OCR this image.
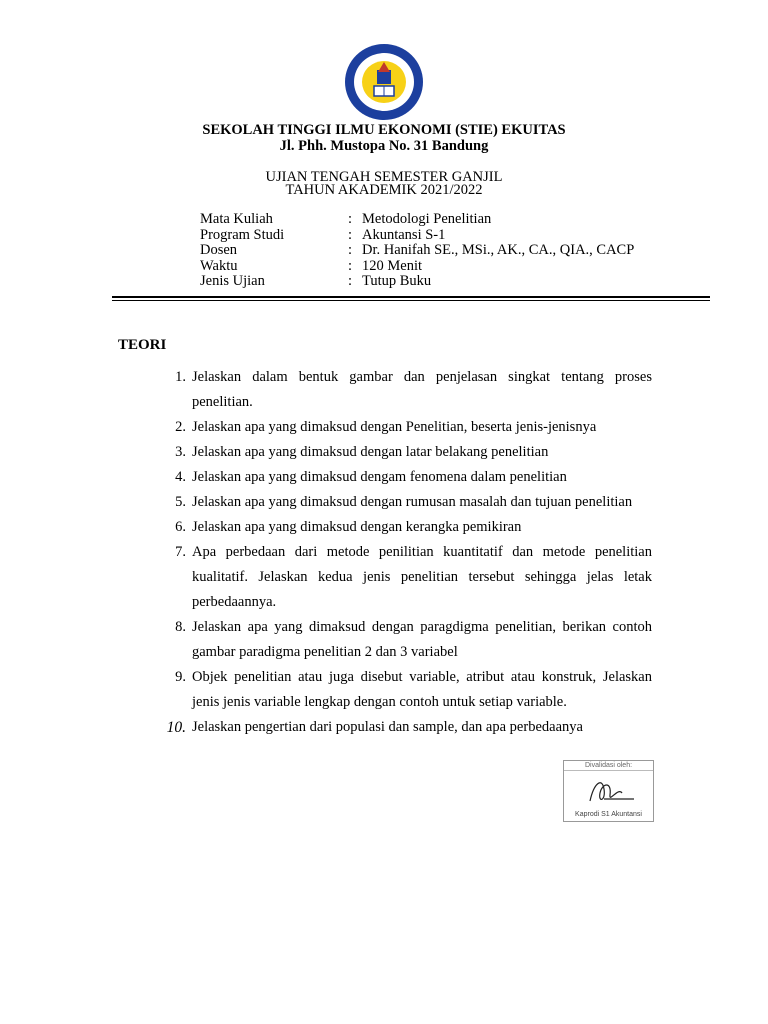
SEKOLAH TINGGI ILMU EKONOMI (STIE) EKUITAS
Jl. Phh. Mustopa No. 31 Bandung
UJIAN TENGAH SEMESTER GANJIL
TAHUN AKADEMIK 2021/2022
Mata Kuliah	: Metodologi Penelitian
Program Studi	: Akuntansi S-1
Dosen	: Dr. Hanifah SE., MSi., AK., CA., QIA., CACP
Waktu	: 120 Menit
Jenis Ujian	: Tutup Buku
TEORI
1. Jelaskan dalam bentuk gambar dan penjelasan singkat tentang proses penelitian.
2. Jelaskan apa yang dimaksud dengan Penelitian, beserta jenis-jenisnya
3. Jelaskan apa yang dimaksud dengan latar belakang penelitian
4. Jelaskan apa yang dimaksud dengam fenomena dalam penelitian
5. Jelaskan apa yang dimaksud dengan rumusan masalah dan tujuan penelitian
6. Jelaskan apa yang dimaksud dengan kerangka pemikiran
7. Apa perbedaan dari metode penilitian kuantitatif dan metode penelitian kualitatif. Jelaskan kedua jenis penelitian tersebut sehingga jelas letak perbedaannya.
8. Jelaskan apa yang dimaksud dengan paragdigma penelitian, berikan contoh gambar paradigma penelitian 2 dan 3 variabel
9. Objek penelitian atau juga disebut variable, atribut atau konstruk, Jelaskan jenis jenis variable lengkap dengan contoh untuk setiap variable.
10. Jelaskan pengertian dari populasi dan sample, dan apa perbedaanya
Divalidasi oleh:
Kaprodi S1 Akuntansi
